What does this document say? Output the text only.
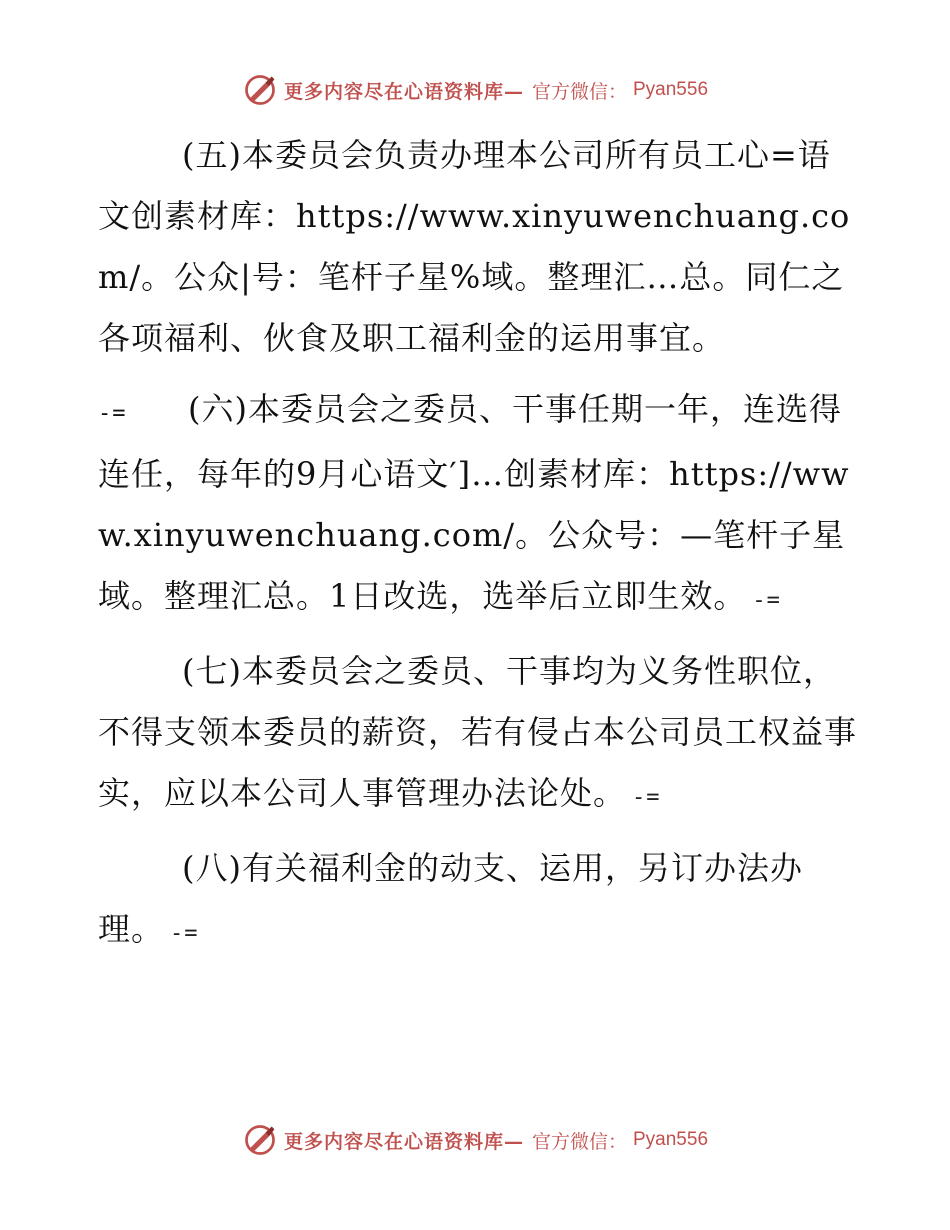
更多内容尽在心语资料库— 官方微信： Pyan556

(五)本委员会负责办理本公司所有员工心=语文创素材库：https://www.xinyuwenchuang.com/。公众|号：笔杆子星%域。整理汇…总。同仁之各项福利、伙食及职工福利金的运用事宜。

-= (六)本委员会之委员、干事任期一年，连选得连任，每年的9月心语文′]…创素材库：https://www.xinyuwenchuang.com/。公众号：—笔杆子星域。整理汇总。1日改选，选举后立即生效。 -=

(七)本委员会之委员、干事均为义务性职位，不得支领本委员的薪资，若有侵占本公司员工权益事实，应以本公司人事管理办法论处。 -=

(八)有关福利金的动支、运用，另订办法办理。 -=

更多内容尽在心语资料库— 官方微信： Pyan556
